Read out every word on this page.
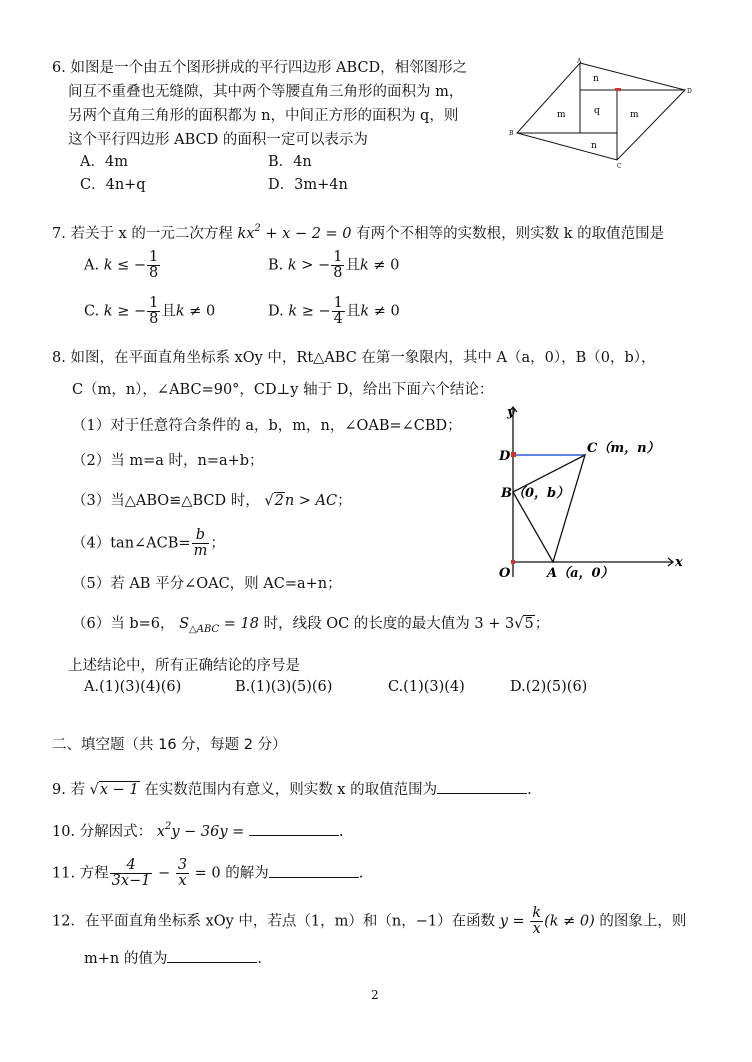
6. 如图是一个由五个图形拼成的平行四边形 ABCD，相邻图形之
间互不重叠也无缝隙，其中两个等腰直角三角形的面积为 m，
另两个直角三角形的面积都为 n，中间正方形的面积为 q，则
这个平行四边形 ABCD 的面积一定可以表示为
A．4m	B．4n
C．4n+q	D．3m+4n
A
D
B
C
n
m	q	m
n
7. 若关于 x 的一元二次方程 $kx^2 + x - 2 = 0$ 有两个不相等的实数根，则实数 k 的取值范围是
A. k ≤ − $\frac{1}{8}$	B. k > − $\frac{1}{8}$ 且k ≠ 0
C. k ≥ − $\frac{1}{8}$ 且k ≠ 0	D. k ≥ − $\frac{1}{4}$ 且k ≠ 0
8. 如图，在平面直角坐标系 xOy 中，Rt△ABC 在第一象限内，其中 A（a，0），B（0，b），
C（m，n），∠ABC=90°，CD⊥y 轴于 D，给出下面六个结论：
（1）对于任意符合条件的 a，b，m，n，∠OAB=∠CBD；
（2）当 m=a 时，n=a+b；
（3）当△ABO≌△BCD 时， √2n > AC；
（4）tan∠ACB= $\frac{b}{m}$ ；
（5）若 AB 平分∠OAC，则 AC=a+n；
（6）当 b=6， $S_{\triangle ABC} = 18$ 时，线段 OC 的长度的最大值为 3 + 3√5；
上述结论中，所有正确结论的序号是
A.(1)(3)(4)(6)	B.(1)(3)(5)(6)	C.(1)(3)(4)	D.(2)(5)(6)
y
x
D
C（m，n）
B（0，b）
O	A（a，0）
二、填空题（共 16 分，每题 2 分）
9. 若 √x − 1 在实数范围内有意义，则实数 x 的取值范围为	.
10. 分解因式： $x^2y - 36y$ =	.
11. 方程 $\frac{4}{3x-1} - \frac{3}{x} = 0$ 的解为	.
12．在平面直角坐标系 xOy 中，若点（1，m）和（n，−1）在函数 $y = \frac{k}{x} (k \ne 0)$ 的图象上，则
m+n 的值为	.
2
